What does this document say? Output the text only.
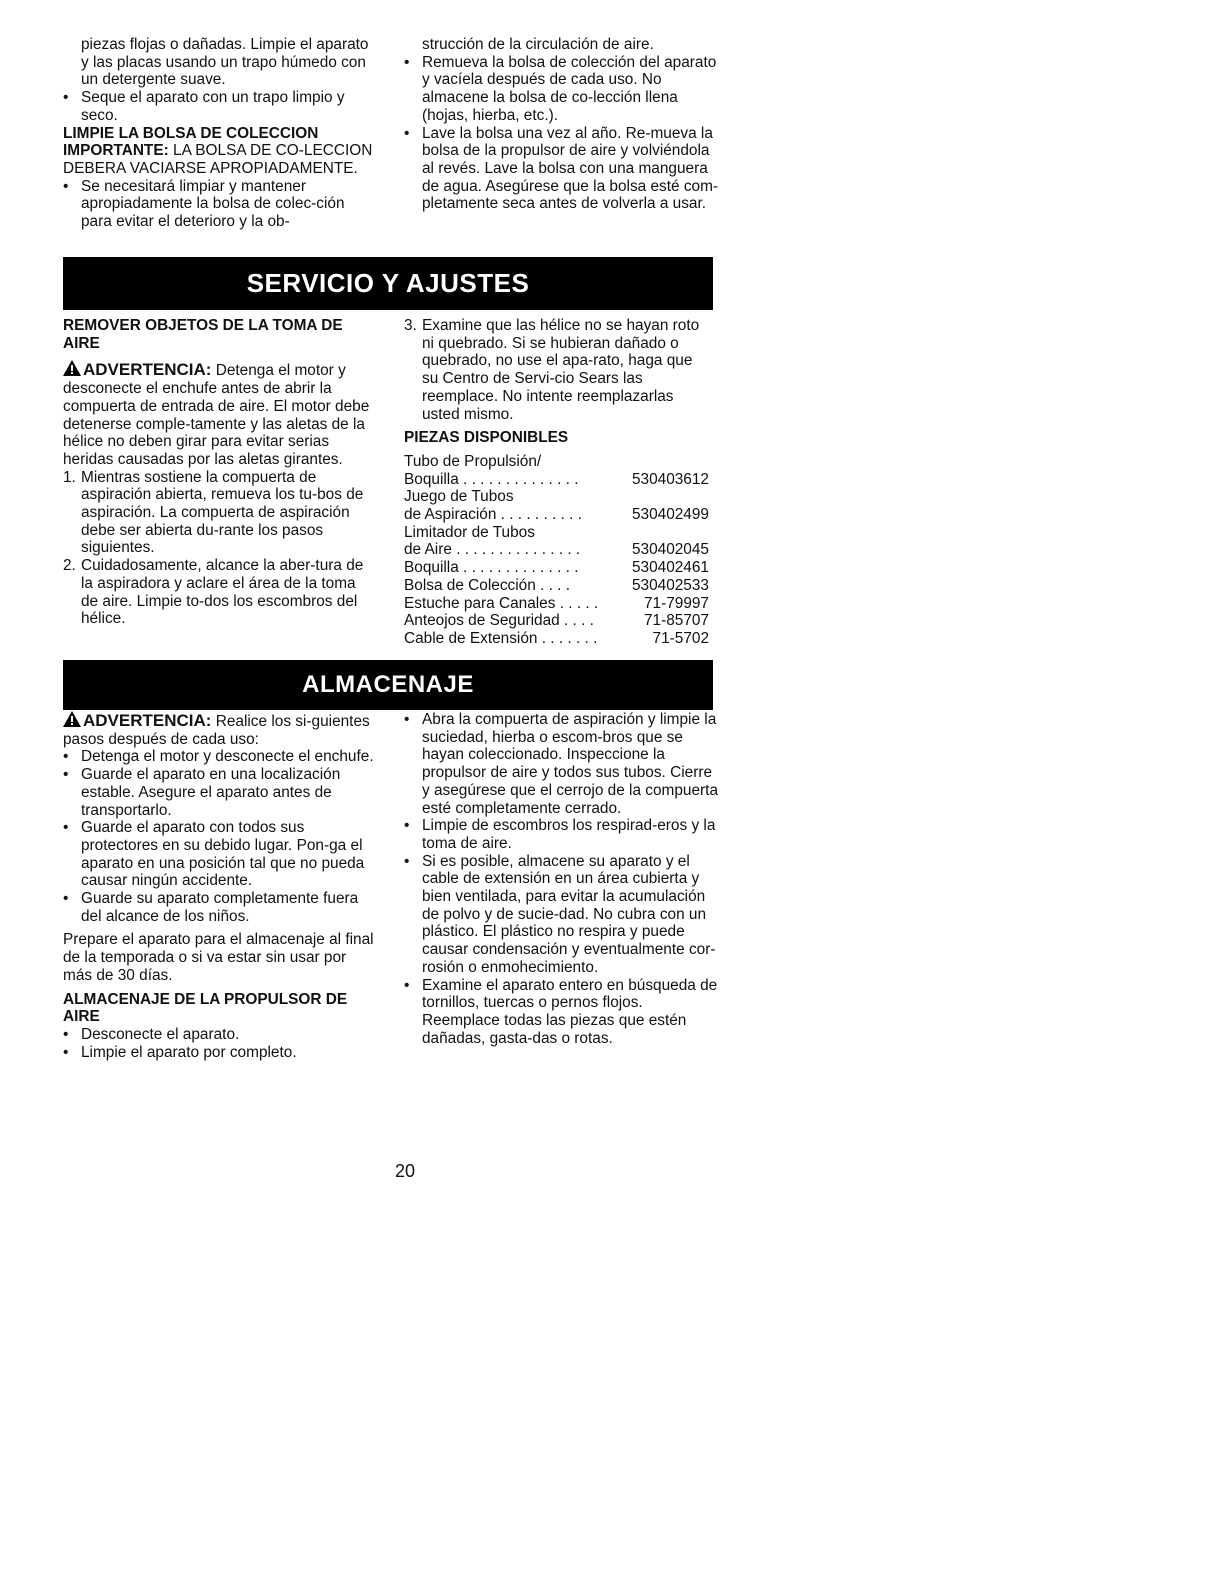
piezas flojas o dañadas. Limpie el aparato y las placas usando un trapo húmedo con un detergente suave.

• Seque el aparato con un trapo limpio y seco.

LIMPIE LA BOLSA DE COLECCION

IMPORTANTE: LA BOLSA DE CO-LECCION DEBERA VACIARSE APROPIADAMENTE.

• Se necesitará limpiar y mantener apropiadamente la bolsa de colec-ción para evitar el deterioro y la ob-

strucción de la circulación de aire.

• Remueva la bolsa de colección del aparato y vacíela después de cada uso. No almacene la bolsa de co-lección llena (hojas, hierba, etc.).

• Lave la bolsa una vez al año. Re-mueva la bolsa de la propulsor de aire y volviéndola al revés. Lave la bolsa con una manguera de agua. Asegúrese que la bolsa esté com-pletamente seca antes de volverla a usar.

SERVICIO Y AJUSTES

REMOVER OBJETOS DE LA TOMA DE AIRE

ADVERTENCIA: Detenga el motor y desconecte el enchufe antes de abrir la compuerta de entrada de aire. El motor debe detenerse comple-tamente y las aletas de la hélice no deben girar para evitar serias heridas causadas por las aletas girantes.

1. Mientras sostiene la compuerta de aspiración abierta, remueva los tu-bos de aspiración. La compuerta de aspiración debe ser abierta du-rante los pasos siguientes.

2. Cuidadosamente, alcance la aber-tura de la aspiradora y aclare el área de la toma de aire. Limpie to-dos los escombros del hélice.

3. Examine que las hélice no se hayan roto ni quebrado. Si se hubieran dañado o quebrado, no use el apa-rato, haga que su Centro de Servi-cio Sears las reemplace. No intente reemplazarlas usted mismo.

PIEZAS DISPONIBLES

Tubo de Propulsión/

Boquilla . . . . . . . . . . . . . .	530403612

Juego de Tubos

de Aspiración . . . . . . . . . .	530402499

Limitador de Tubos

de Aire . . . . . . . . . . . . . . .	530402045
Boquilla . . . . . . . . . . . . . .	530402461
Bolsa de Colección . . . .	530402533
Estuche para Canales . . . . .	71-79997
Anteojos de Seguridad . . . .	71-85707
Cable de Extensión . . . . . . .	71-5702
ALMACENAJE

ADVERTENCIA: Realice los si-guientes pasos después de cada uso:

• Detenga el motor y desconecte el enchufe.

• Guarde el aparato en una localización estable. Asegure el aparato antes de transportarlo.

• Guarde el aparato con todos sus protectores en su debido lugar. Pon-ga el aparato en una posición tal que no pueda causar ningún accidente.

• Guarde su aparato completamente fuera del alcance de los niños.

Prepare el aparato para el almacenaje al final de la temporada o si va estar sin usar por más de 30 días.

ALMACENAJE DE LA PROPULSOR DE AIRE

• Desconecte el aparato.

• Limpie el aparato por completo.

• Abra la compuerta de aspiración y limpie la suciedad, hierba o escom-bros que se hayan coleccionado. Inspeccione la propulsor de aire y todos sus tubos. Cierre y asegúrese que el cerrojo de la compuerta esté completamente cerrado.

• Limpie de escombros los respirad-eros y la toma de aire.

• Si es posible, almacene su aparato y el cable de extensión en un área cubierta y bien ventilada, para evitar la acumulación de polvo y de sucie-dad. No cubra con un plástico. El plástico no respira y puede causar condensación y eventualmente cor-rosión o enmohecimiento.

• Examine el aparato entero en búsqueda de tornillos, tuercas o pernos flojos. Reemplace todas las piezas que estén dañadas, gasta-das o rotas.

20
